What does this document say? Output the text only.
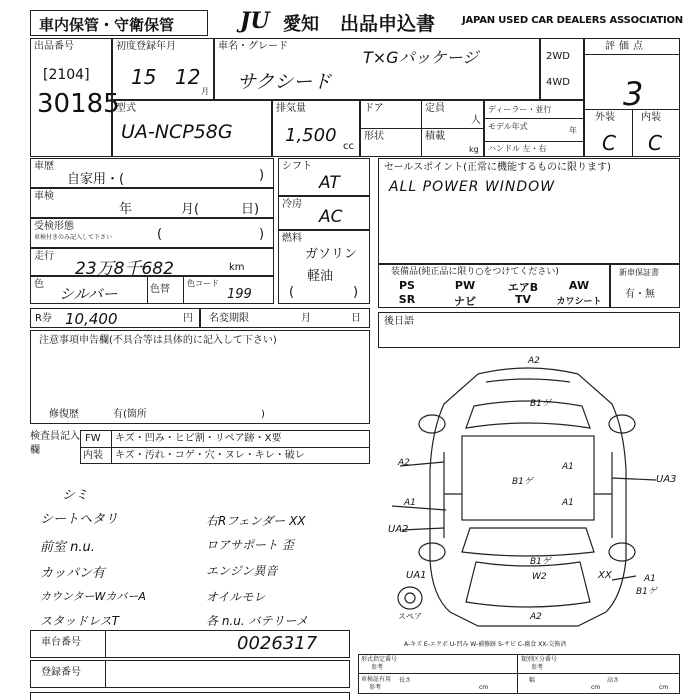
車内保管・守衛保管	JU 愛知 出品申込書	JAPAN USED CAR DEALERS ASSOCIATION
出品番号
[2104]
30185
初度登録年月
15 12
月
車名・グレード
サクシード
T×Gパッケージ	2WD
4WD
評価点
3
外装	内装
C C
型式
UA-NCP58G
排気量
1,500
cc
ドア	定員
人
形状	積載
kg
ディーラー・並行
モデル年式	年
ハンドル 左・右
車歴
自家用・(	)
車検
年	月(	日)
受検形態
車検付きのみ記入して下さい	(	)
走行
23万8千682	km
色
シルバー	色替
色コード
199
シフト
AT
冷房
AC
燃料
ガソリン
軽油
(	)
セールスポイント(正常に機能するものに限ります)
ALL POWER WINDOW
装備品(純正品に限り○をつけてください)
PS	PW	エアB	AW
SR	ナビ	TV	カワシート
新車保証書
有・無
R券 10,400	円 名変期限	月	日 後日語
注意事項申告欄(不具合等は具体的に記入して下さい)
修復歴	有(箇所	)
検査員記入欄
FW キズ・凹み・ヒビ割・リペア跡・X要
内装 キズ・汚れ・コゲ・穴・ヌレ・キレ・破レ
シミ
シートヘタリ	右Rフェンダー XX
前室 n.u.	ロアサポート 歪
カッパン有	エンジン異音
カウンターWカバーA	オイルモレ
スタッドレスT	各 n.u. バテリーメ
車台番号	0026317
登録番号
形式指定番号
参考
類別区分番号
参考
車検証有用
参考
長さ
cm
幅
cm
高さ
cm
A-キズ E-エクボ U-凹み W-補修跡 S-サビ C-腐食 XX-交換済
A2
B1ゲ
A2
A1
A1
A1
B1ゲ
B1ゲ
W2
UA3
UA2
UA1	XX	A1
B1ゲ
A2
スペア
